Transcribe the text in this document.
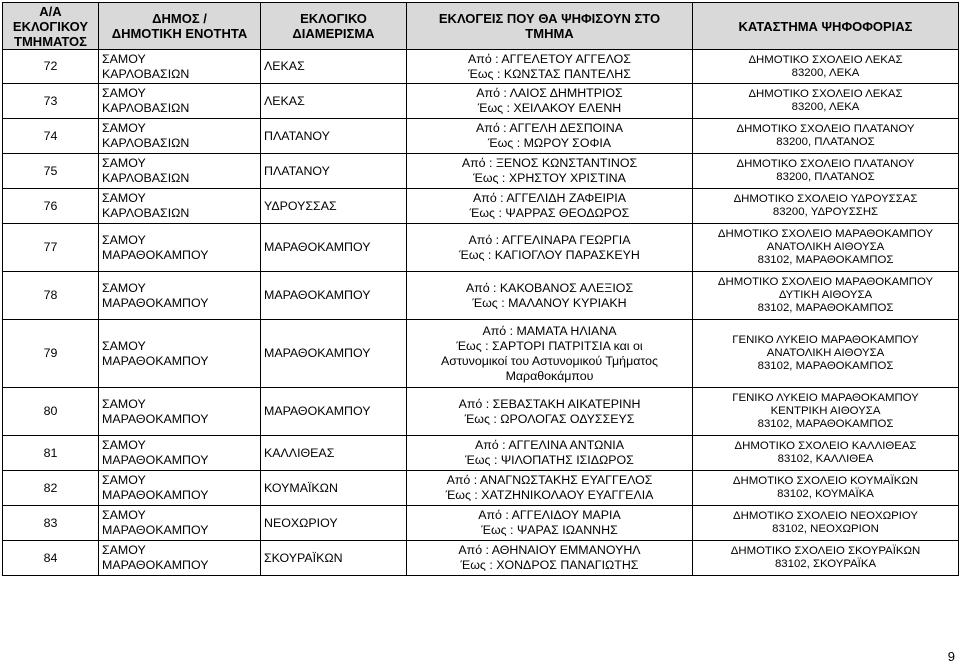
Α/Α
ΕΚΛΟΓΙΚΟΥ
ΤΜΗΜΑΤΟΣ	ΔΗΜΟΣ /
ΔΗΜΟΤΙΚΗ ΕΝΟΤΗΤΑ	ΕΚΛΟΓΙΚΟ
ΔΙΑΜΕΡΙΣΜΑ	ΕΚΛΟΓΕΙΣ ΠΟΥ ΘΑ ΨΗΦΙΣΟΥΝ ΣΤΟ
ΤΜΗΜΑ	ΚΑΤΑΣΤΗΜΑ ΨΗΦΟΦΟΡΙΑΣ

72	ΣΑΜΟΥ
ΚΑΡΛΟΒΑΣΙΩΝ	ΛΕΚΑΣ	Από : ΑΓΓΕΛΕΤΟΥ ΑΓΓΕΛΟΣ
Έως : ΚΩΝΣΤΑΣ ΠΑΝΤΕΛΗΣ	ΔΗΜΟΤΙΚΟ ΣΧΟΛΕΙΟ ΛΕΚΑΣ
83200, ΛΕΚΑ

73	ΣΑΜΟΥ
ΚΑΡΛΟΒΑΣΙΩΝ	ΛΕΚΑΣ	Από : ΛΑΙΟΣ ΔΗΜΗΤΡΙΟΣ
Έως : ΧΕΙΛΑΚΟΥ ΕΛΕΝΗ	ΔΗΜΟΤΙΚΟ ΣΧΟΛΕΙΟ ΛΕΚΑΣ
83200, ΛΕΚΑ

74	ΣΑΜΟΥ
ΚΑΡΛΟΒΑΣΙΩΝ	ΠΛΑΤΑΝΟΥ	Από : ΑΓΓΕΛΗ ΔΕΣΠΟΙΝΑ
Έως : ΜΩΡΟΥ ΣΟΦΙΑ	ΔΗΜΟΤΙΚΟ ΣΧΟΛΕΙΟ ΠΛΑΤΑΝΟΥ
83200, ΠΛΑΤΑΝΟΣ

75	ΣΑΜΟΥ
ΚΑΡΛΟΒΑΣΙΩΝ	ΠΛΑΤΑΝΟΥ	Από : ΞΕΝΟΣ ΚΩΝΣΤΑΝΤΙΝΟΣ
Έως : ΧΡΗΣΤΟΥ ΧΡΙΣΤΙΝΑ	ΔΗΜΟΤΙΚΟ ΣΧΟΛΕΙΟ ΠΛΑΤΑΝΟΥ
83200, ΠΛΑΤΑΝΟΣ

76	ΣΑΜΟΥ
ΚΑΡΛΟΒΑΣΙΩΝ	ΥΔΡΟΥΣΣΑΣ	Από : ΑΓΓΕΛΙΔΗ ΖΑΦΕΙΡΙΑ
Έως : ΨΑΡΡΑΣ ΘΕΟΔΩΡΟΣ	ΔΗΜΟΤΙΚΟ ΣΧΟΛΕΙΟ ΥΔΡΟΥΣΣΑΣ
83200, ΥΔΡΟΥΣΣΗΣ

77	ΣΑΜΟΥ
ΜΑΡΑΘΟΚΑΜΠΟΥ	ΜΑΡΑΘΟΚΑΜΠΟΥ	Από : ΑΓΓΕΛΙΝΑΡΑ ΓΕΩΡΓΙΑ
Έως : ΚΑΓΙΟΓΛΟΥ ΠΑΡΑΣΚΕΥΗ	ΔΗΜΟΤΙΚΟ ΣΧΟΛΕΙΟ ΜΑΡΑΘΟΚΑΜΠΟΥ
ΑΝΑΤΟΛΙΚΗ ΑΙΘΟΥΣΑ
83102, ΜΑΡΑΘΟΚΑΜΠΟΣ

78	ΣΑΜΟΥ
ΜΑΡΑΘΟΚΑΜΠΟΥ	ΜΑΡΑΘΟΚΑΜΠΟΥ	Από : ΚΑΚΟΒΑΝΟΣ ΑΛΕΞΙΟΣ
Έως : ΜΑΛΑΝΟΥ ΚΥΡΙΑΚΗ	ΔΗΜΟΤΙΚΟ ΣΧΟΛΕΙΟ ΜΑΡΑΘΟΚΑΜΠΟΥ
ΔΥΤΙΚΗ ΑΙΘΟΥΣΑ
83102, ΜΑΡΑΘΟΚΑΜΠΟΣ

79	ΣΑΜΟΥ
ΜΑΡΑΘΟΚΑΜΠΟΥ	ΜΑΡΑΘΟΚΑΜΠΟΥ	Από : ΜΑΜΑΤΑ ΗΛΙΑΝΑ
Έως : ΣΑΡΤΟΡΙ ΠΑΤΡΙΤΣΙΑ και οι
Αστυνομικοί του Αστυνομικού Τμήματος
Μαραθοκάμπου	ΓΕΝΙΚΟ ΛΥΚΕΙΟ ΜΑΡΑΘΟΚΑΜΠΟΥ
ΑΝΑΤΟΛΙΚΗ ΑΙΘΟΥΣΑ
83102, ΜΑΡΑΘΟΚΑΜΠΟΣ

80	ΣΑΜΟΥ
ΜΑΡΑΘΟΚΑΜΠΟΥ	ΜΑΡΑΘΟΚΑΜΠΟΥ	Από : ΣΕΒΑΣΤΑΚΗ ΑΙΚΑΤΕΡΙΝΗ
Έως : ΩΡΟΛΟΓΑΣ ΟΔΥΣΣΕΥΣ	ΓΕΝΙΚΟ ΛΥΚΕΙΟ ΜΑΡΑΘΟΚΑΜΠΟΥ
ΚΕΝΤΡΙΚΗ ΑΙΘΟΥΣΑ
83102, ΜΑΡΑΘΟΚΑΜΠΟΣ

81	ΣΑΜΟΥ
ΜΑΡΑΘΟΚΑΜΠΟΥ	ΚΑΛΛΙΘΕΑΣ	Από : ΑΓΓΕΛΙΝΑ ΑΝΤΩΝΙΑ
Έως : ΨΙΛΟΠΑΤΗΣ ΙΣΙΔΩΡΟΣ	ΔΗΜΟΤΙΚΟ ΣΧΟΛΕΙΟ ΚΑΛΛΙΘΕΑΣ
83102, ΚΑΛΛΙΘΕΑ

82	ΣΑΜΟΥ
ΜΑΡΑΘΟΚΑΜΠΟΥ	ΚΟΥΜΑΪΚΩΝ	Από : ΑΝΑΓΝΩΣΤΑΚΗΣ ΕΥΑΓΓΕΛΟΣ
Έως : ΧΑΤΖΗΝΙΚΟΛΑΟΥ ΕΥΑΓΓΕΛΙΑ	ΔΗΜΟΤΙΚΟ ΣΧΟΛΕΙΟ ΚΟΥΜΑΪΚΩΝ
83102, ΚΟΥΜΑΪΚΑ

83	ΣΑΜΟΥ
ΜΑΡΑΘΟΚΑΜΠΟΥ	ΝΕΟΧΩΡΙΟΥ	Από : ΑΓΓΕΛΙΔΟΥ ΜΑΡΙΑ
Έως : ΨΑΡΑΣ ΙΩΑΝΝΗΣ	ΔΗΜΟΤΙΚΟ ΣΧΟΛΕΙΟ ΝΕΟΧΩΡΙΟΥ
83102, ΝΕΟΧΩΡΙΟΝ

84	ΣΑΜΟΥ
ΜΑΡΑΘΟΚΑΜΠΟΥ	ΣΚΟΥΡΑΪΚΩΝ	Από : ΑΘΗΝΑΙΟΥ ΕΜΜΑΝΟΥΗΛ
Έως : ΧΟΝΔΡΟΣ ΠΑΝΑΓΙΩΤΗΣ	ΔΗΜΟΤΙΚΟ ΣΧΟΛΕΙΟ ΣΚΟΥΡΑΪΚΩΝ
83102, ΣΚΟΥΡΑΪΚΑ
9
